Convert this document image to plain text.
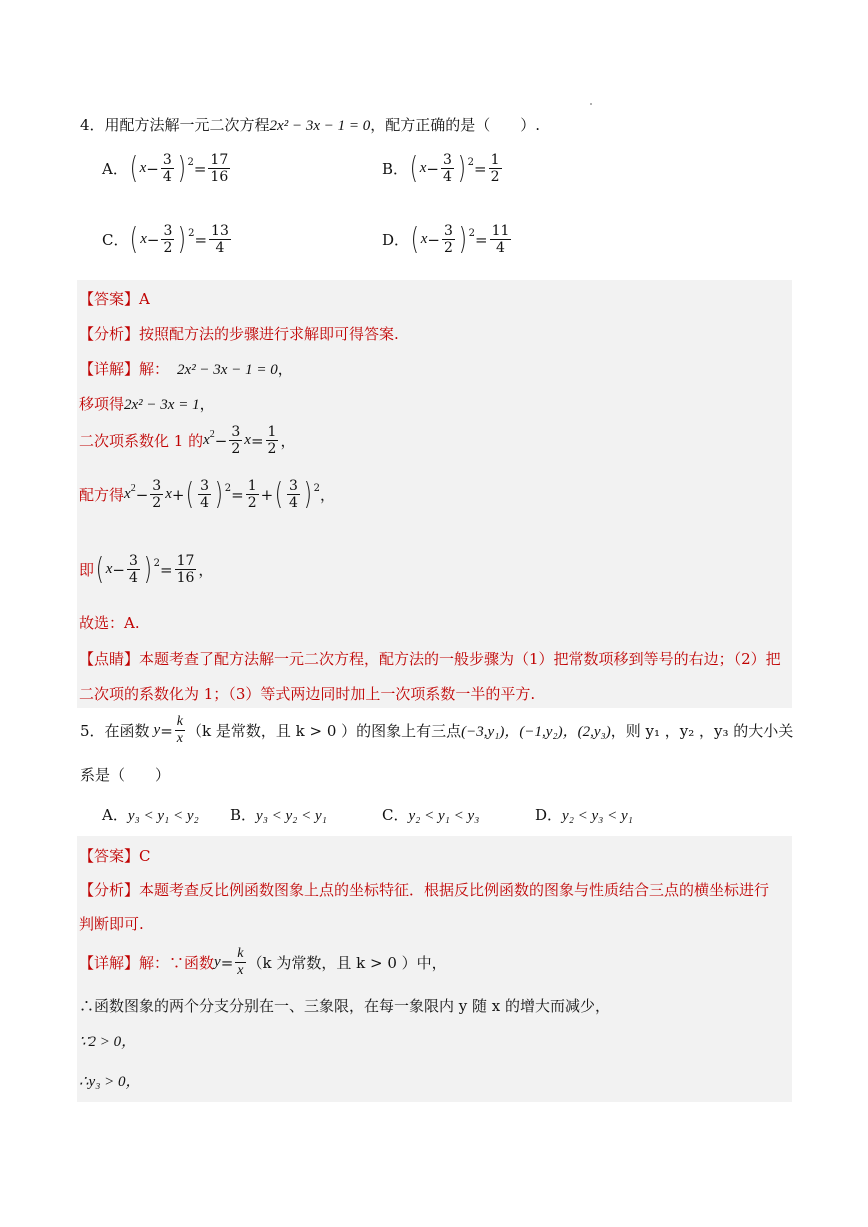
4．用配方法解一元二次方程2x² − 3x − 1 = 0，配方正确的是（　　）.
A． ( $x - \frac{3}{4}$ ) $2 = \frac{17}{16}$	B． ( $x - \frac{3}{4}$ ) $2 = \frac{1}{2}$
C． ( $x - \frac{3}{2}$ ) $2 = \frac{13}{4}$	D． ( $x - \frac{3}{2}$ ) $2 = \frac{11}{4}$
【答案】A
【分析】按照配方法的步骤进行求解即可得答案.
【详解】解： 2x² − 3x − 1 = 0，
移项得2x² − 3x = 1，
二次项系数化 1 的 $x^2 - \frac{3}{2}$ $x = \frac{1}{2}$ ，
配方得 $x^2 - \frac{3}{2}$ x + ( $\frac{3}{4}$ ) $2 = \frac{1}{2}$ + ( $\frac{3}{4}$ ) 2 ，
即 ( $x - \frac{3}{4}$ ) $2 = \frac{17}{16}$ ，
故选：A.
【点睛】本题考查了配方法解一元二次方程，配方法的一般步骤为（1）把常数项移到等号的右边；（2）把
二次项的系数化为 1；（3）等式两边同时加上一次项系数一半的平方.
5．在函数 $y = \frac{k}{x} (k$ 是常数，且 k > 0 ）的图象上有三点 (−3,y₁)，(−1,y₂)，(2,y₃) ，则 y₁ ，y₂ ，y₃ 的大小关
系是（　　）
A．y₃ < y₁ < y₂ B．y₃ < y₂ < y₁	C．y₂ < y₁ < y₃	D．y₂ < y₃ < y₁
【答案】C
【分析】本题考查反比例函数图象上点的坐标特征．根据反比例函数的图象与性质结合三点的横坐标进行
判断即可.
【详解】 解：∵函数 $y = \frac{k}{x} (k$ 为常数，且 k > 0 ）中，
∴函数图象的两个分支分别在一、三象限，在每一象限内 y 随 x 的增大而减少，
∵2 > 0，
∴y₃ > 0，
